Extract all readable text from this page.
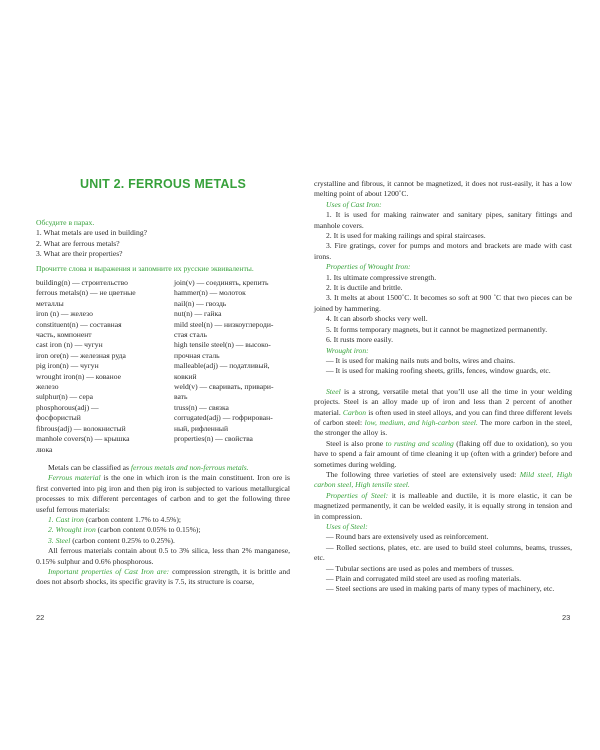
UNIT 2. FERROUS METALS
Обсудите в парах.
1. What metals are used in building?
2. What are ferrous metals?
3. What are their properties?
Прочитте слова и выражения и запомните их русские эквиваленты.
building(n) — строительство
ferrous metals(n) — не цветные
металлы
iron (n) — железо
constituent(n) — составная
часть, компонент
cast iron (n) — чугун
iron ore(n) — железная руда
pig iron(n) — чугун
wrought iron(n) — кованое
железо
sulphur(n) — сера
phosphorous(adj) —
фосфористый
fibrous(adj) — волокнистый
manhole covers(n) — крышка
люка
join(v) — соединять, крепить
hammer(n) — молоток
nail(n) — гвоздь
nut(n) — гайка
mild steel(n) — низкоуглероди-
стая сталь
high tensile steel(n) — высоко-
прочная сталь
malleable(adj) — податливый,
ковкий
weld(v) — сваривать, привари-
вать
truss(n) — связка
corrugated(adj) — гофрирован-
ный, рифленный
properties(n) — свойства

Metals can be classified as ferrous metals and non-ferrous metals.

Ferrous material is the one in which iron is the main constituent. Iron ore is first converted into pig iron and then pig iron is subjected to various metallurgical processes to mix different percentages of carbon and to get the following three useful ferrous materials:

1. Cast iron (carbon content 1.7% to 4.5%);

2. Wrought iron (carbon content 0.05% to 0.15%);

3. Steel (carbon content 0.25% to 0.25%).

All ferrous materials contain about 0.5 to 3% silica, less than 2% manganese, 0.15% sulphur and 0.6% phosphorous.

Important properties of Cast Iron are: compression strength, it is brittle and does not absorb shocks, its specific gravity is 7.5, its structure is coarse,

22

crystalline and fibrous, it cannot be magnetized, it does not rust-easily, it has a low melting point of about 1200˚C.

Uses of Cast Iron:

1. It is used for making rainwater and sanitary pipes, sanitary fittings and manhole covers.

2. It is used for making railings and spiral staircases.

3. Fire gratings, cover for pumps and motors and brackets are made with cast irons.

Properties of Wrought Iron:

1. Its ultimate compressive strength.

2. It is ductile and brittle.

3. It melts at about 1500˚C. It becomes so soft at 900 ˚C that two pieces can be joined by hammering.

4. It can absorb shocks very well.

5. It forms temporary magnets, but it cannot be magnetized permanently.

6. It rusts more easily.

Wrought iron:

— It is used for making nails nuts and bolts, wires and chains.

— It is used for making roofing sheets, grills, fences, window guards, etc.

Steel is a strong, versatile metal that you’ll use all the time in your welding projects. Steel is an alloy made up of iron and less than 2 percent of another material. Carbon is often used in steel alloys, and you can find three different levels of carbon steel: low, medium, and high-carbon steel. The more carbon in the steel, the stronger the alloy is.

Steel is also prone to rusting and scaling (flaking off due to oxidation), so you have to spend a fair amount of time cleaning it up (often with a grinder) before and sometimes during welding.

The following three varieties of steel are extensively used: Mild steel, High carbon steel, High tensile steel.

Properties of Steel: it is malleable and ductile, it is more elastic, it can be magnetized permanently, it can be welded easily, it is equally strong in tension and in compression.

Uses of Steel:

— Round bars are extensively used as reinforcement.

— Rolled sections, plates, etc. are used to build steel columns, beams, trusses, etc.

— Tubular sections are used as poles and members of trusses.

— Plain and corrugated mild steel are used as roofing materials.

— Steel sections are used in making parts of many types of machinery, etc.

23
